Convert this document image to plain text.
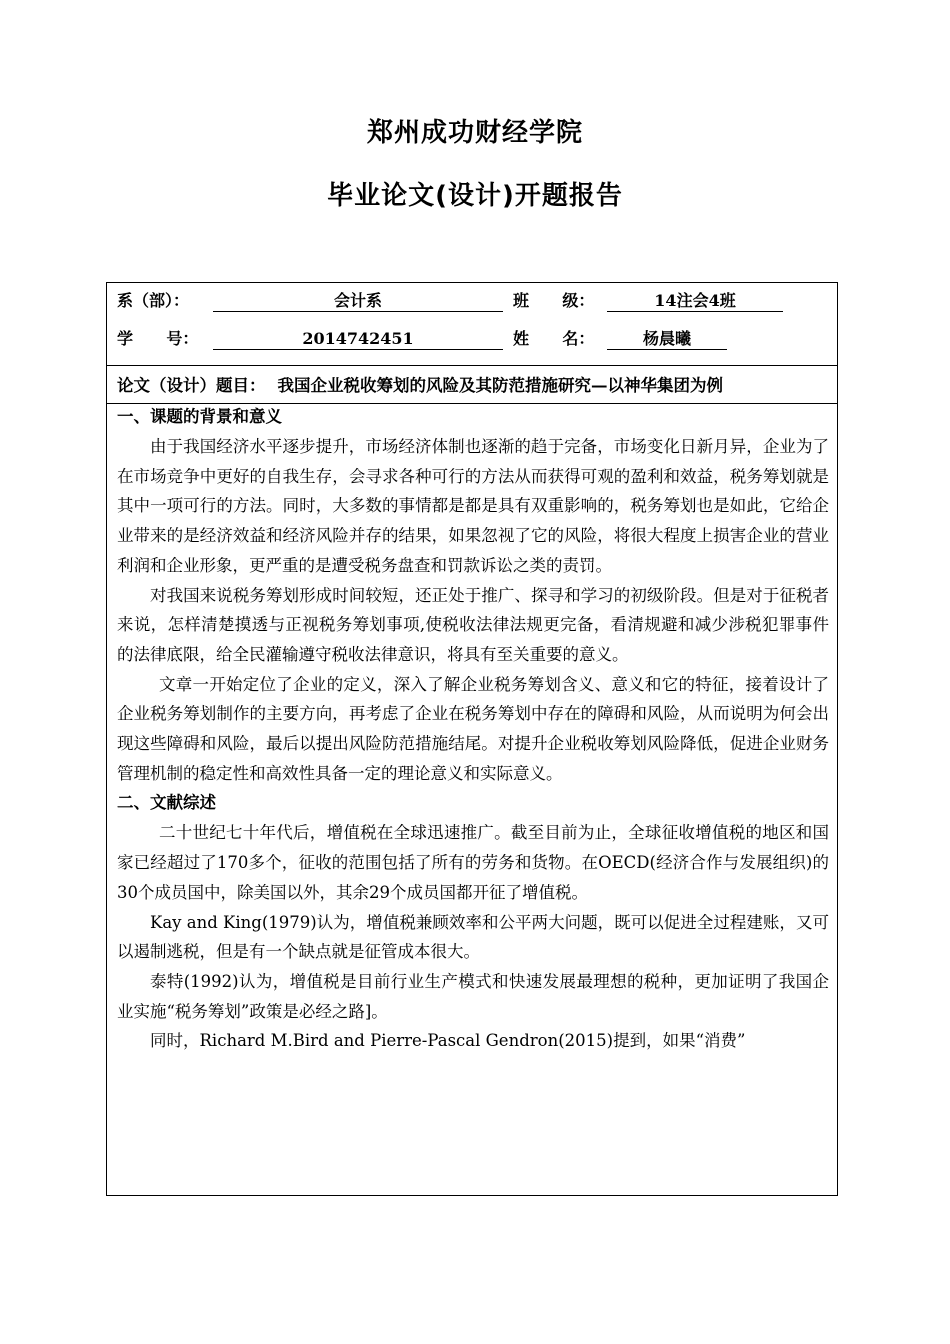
郑州成功财经学院
毕业论文(设计)开题报告
系（部）：	会计系	班      级：	14注会4班
学      号：	2014742451	姓      名：	杨晨曦
论文（设计）题目： 我国企业税收筹划的风险及其防范措施研究—以神华集团为例
一、课题的背景和意义

由于我国经济水平逐步提升，市场经济体制也逐渐的趋于完备，市场变化日新月异，企业为了在市场竞争中更好的自我生存，会寻求各种可行的方法从而获得可观的盈利和效益，税务筹划就是其中一项可行的方法。同时，大多数的事情都是都是具有双重影响的，税务筹划也是如此，它给企业带来的是经济效益和经济风险并存的结果，如果忽视了它的风险，将很大程度上损害企业的营业利润和企业形象，更严重的是遭受税务盘查和罚款诉讼之类的责罚。

对我国来说税务筹划形成时间较短，还正处于推广、探寻和学习的初级阶段。但是对于征税者来说，怎样清楚摸透与正视税务筹划事项,使税收法律法规更完备，看清规避和减少涉税犯罪事件的法律底限，给全民灌输遵守税收法律意识，将具有至关重要的意义。

文章一开始定位了企业的定义，深入了解企业税务筹划含义、意义和它的特征，接着设计了企业税务筹划制作的主要方向，再考虑了企业在税务筹划中存在的障碍和风险，从而说明为何会出现这些障碍和风险，最后以提出风险防范措施结尾。对提升企业税收筹划风险降低，促进企业财务管理机制的稳定性和高效性具备一定的理论意义和实际意义。

二、文献综述

二十世纪七十年代后，增值税在全球迅速推广。截至目前为止，全球征收增值税的地区和国家已经超过了170多个，征收的范围包括了所有的劳务和货物。在OECD(经济合作与发展组织)的30个成员国中，除美国以外，其余29个成员国都开征了增值税。

Kay and King(1979)认为，增值税兼顾效率和公平两大问题，既可以促进全过程建账，又可以遏制逃税，但是有一个缺点就是征管成本很大。

泰特(1992)认为，增值税是目前行业生产模式和快速发展最理想的税种，更加证明了我国企业实施“税务筹划”政策是必经之路]。

同时，Richard M.Bird and Pierre-Pascal Gendron(2015)提到，如果“消费”
